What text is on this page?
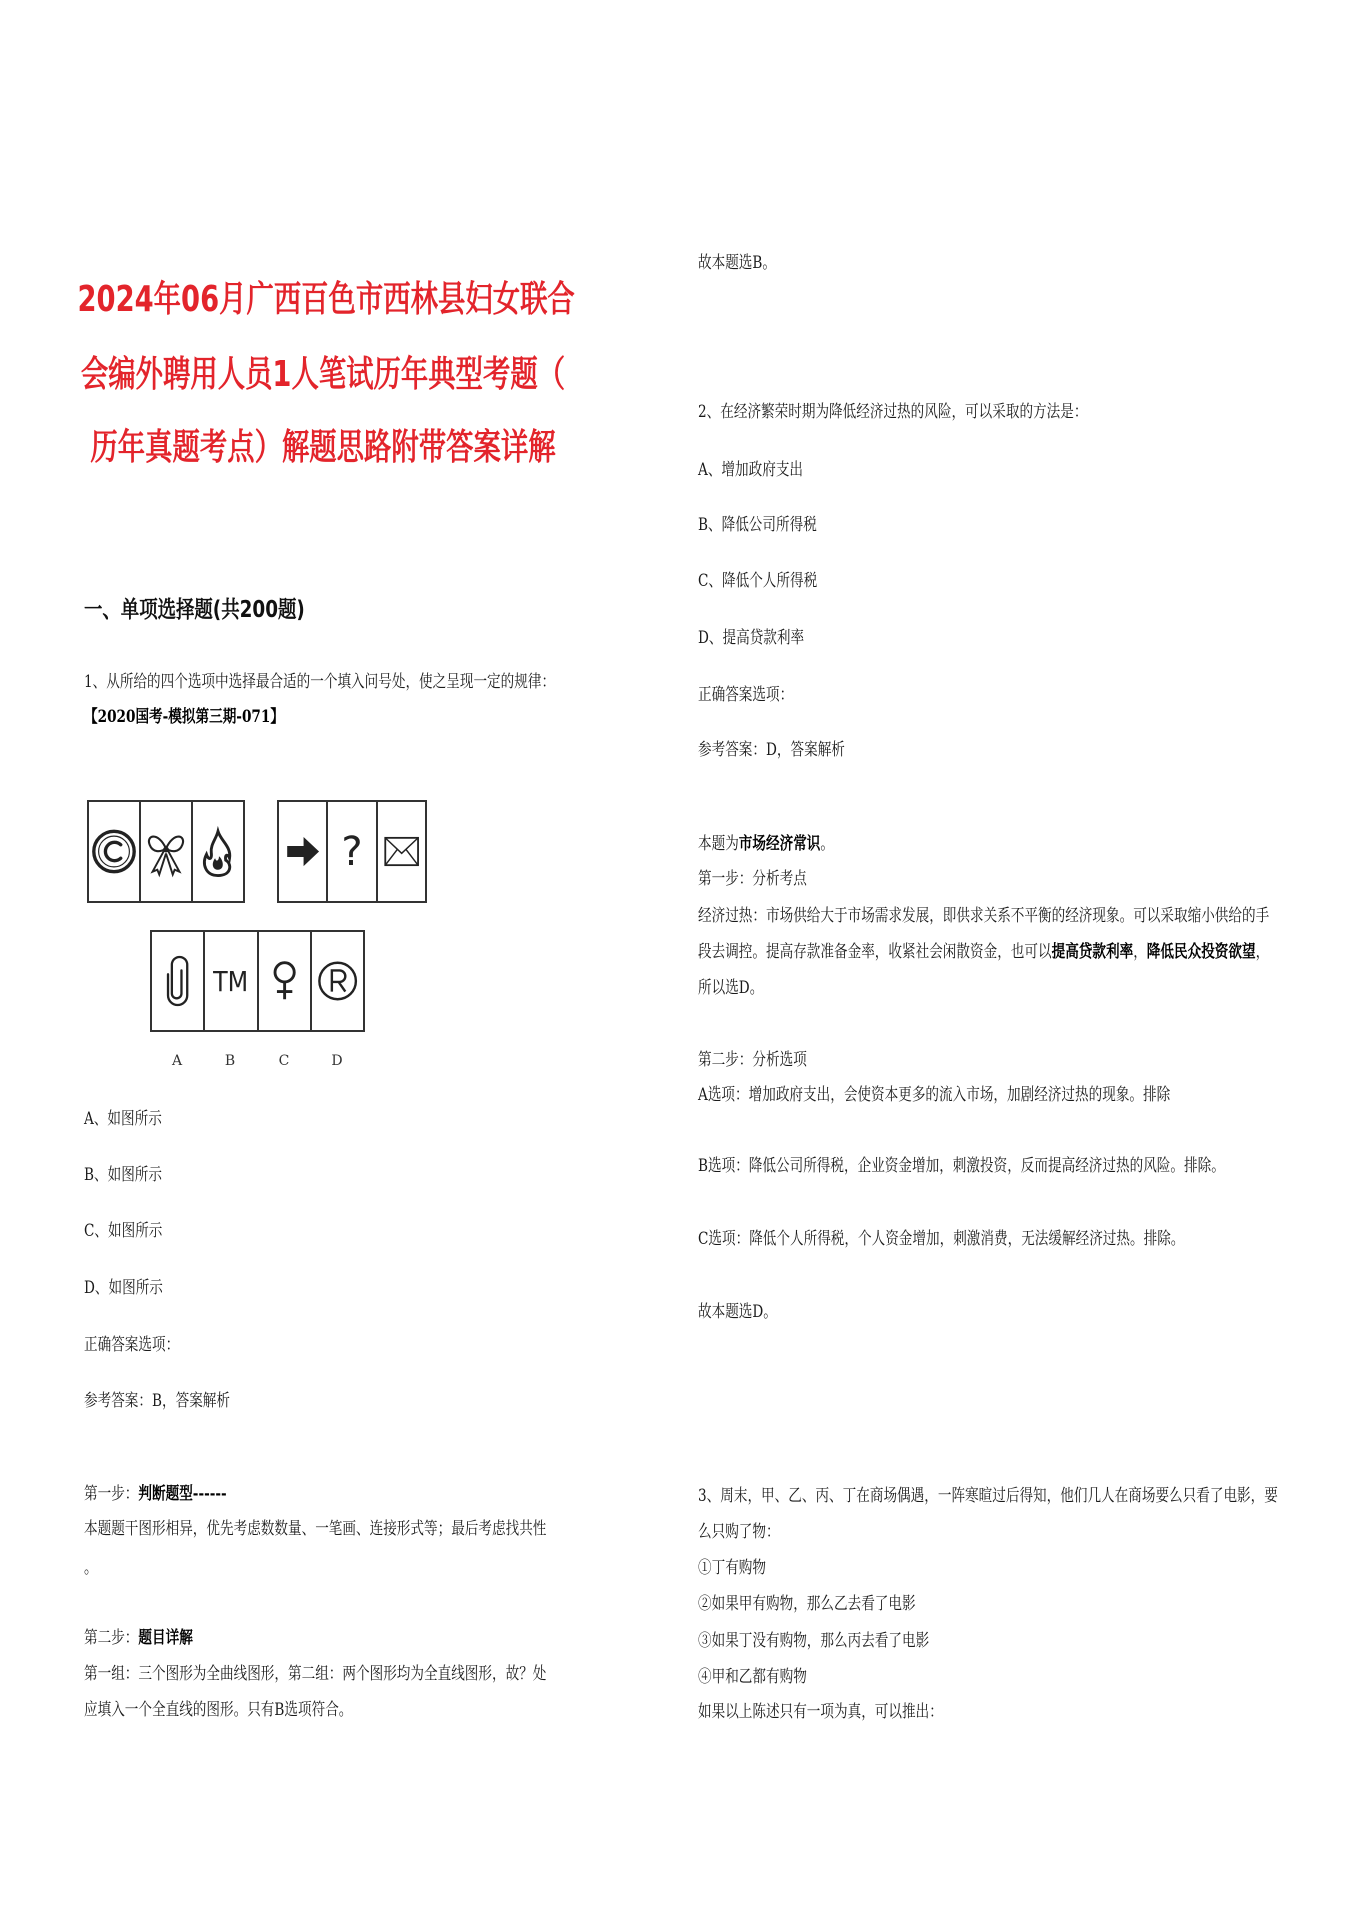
2024年06月广西百色市西林县妇女联合
会编外聘用人员1人笔试历年典型考题（
历年真题考点）解题思路附带答案详解
一、单项选择题(共200题)
1、从所给的四个选项中选择最合适的一个填入问号处，使之呈现一定的规律：
【2020国考-模拟第三期-071】
?
TM
A	B	C	D
A、如图所示
B、如图所示
C、如图所示
D、如图所示
正确答案选项：
参考答案：B，答案解析
第一步：判断题型------
本题题干图形相异，优先考虑数数量、一笔画、连接形式等；最后考虑找共性
。
第二步：题目详解
第一组：三个图形为全曲线图形，第二组：两个图形均为全直线图形，故？处
应填入一个全直线的图形。只有B选项符合。
故本题选B。
2、在经济繁荣时期为降低经济过热的风险，可以采取的方法是：
A、增加政府支出
B、降低公司所得税
C、降低个人所得税
D、提高贷款利率
正确答案选项：
参考答案：D，答案解析
本题为市场经济常识。
第一步：分析考点
经济过热：市场供给大于市场需求发展，即供求关系不平衡的经济现象。可以采取缩小供给的手
段去调控。提高存款准备金率，收紧社会闲散资金，也可以提高贷款利率，降低民众投资欲望，
所以选D。
第二步：分析选项
A选项：增加政府支出，会使资本更多的流入市场，加剧经济过热的现象。排除
B选项：降低公司所得税，企业资金增加，刺激投资，反而提高经济过热的风险。排除。
C选项：降低个人所得税，个人资金增加，刺激消费，无法缓解经济过热。排除。
故本题选D。
3、周末，甲、乙、丙、丁在商场偶遇，一阵寒暄过后得知，他们几人在商场要么只看了电影，要
么只购了物：
①丁有购物
②如果甲有购物，那么乙去看了电影
③如果丁没有购物，那么丙去看了电影
④甲和乙都有购物
如果以上陈述只有一项为真，可以推出：
